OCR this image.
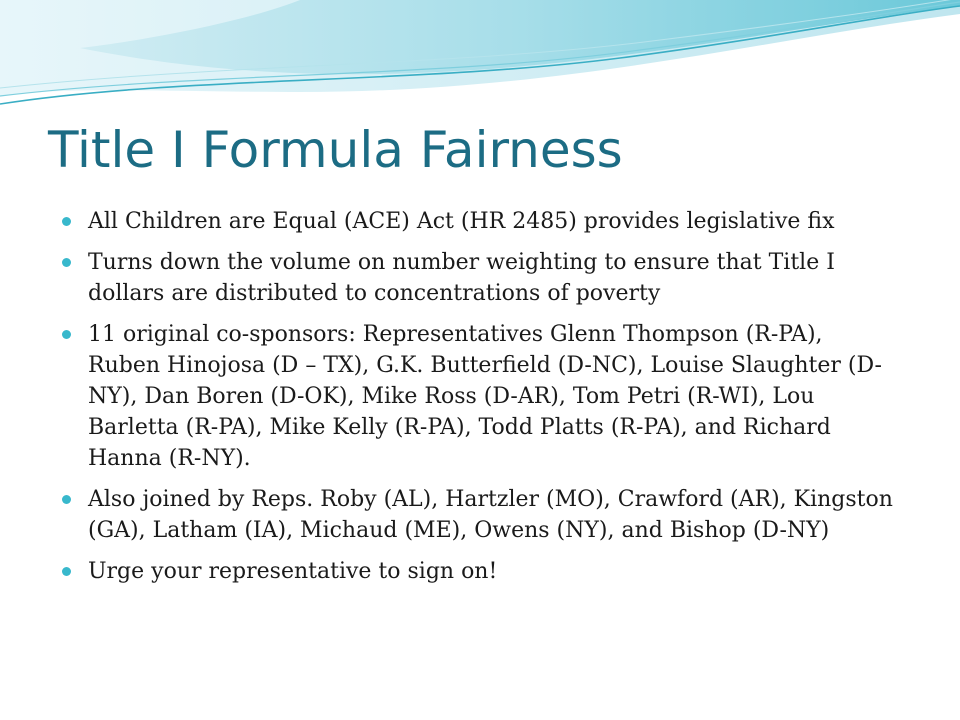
Title I Formula Fairness
All Children are Equal (ACE) Act (HR 2485) provides legislative fix
Turns down the volume on number weighting to ensure that Title I dollars are distributed to concentrations of poverty
11 original co-sponsors: Representatives Glenn Thompson (R-PA), Ruben Hinojosa (D – TX), G.K. Butterfield (D-NC), Louise Slaughter (D-NY), Dan Boren (D-OK), Mike Ross (D-AR), Tom Petri (R-WI), Lou Barletta (R-PA), Mike Kelly (R-PA), Todd Platts (R-PA), and Richard Hanna (R-NY).
Also joined by Reps. Roby (AL), Hartzler (MO), Crawford (AR), Kingston (GA), Latham (IA), Michaud (ME), Owens (NY), and Bishop (D-NY)
Urge your representative to sign on!
